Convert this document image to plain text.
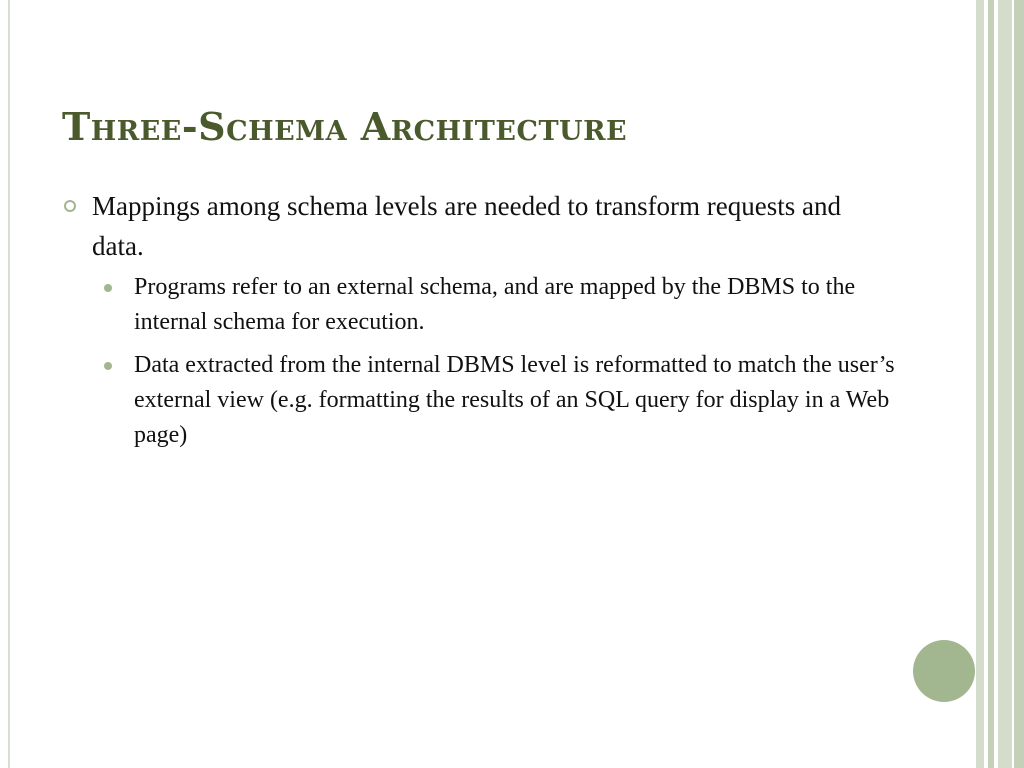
Three-Schema Architecture

Mappings among schema levels are needed to transform requests and data.

Programs refer to an external schema, and are mapped by the DBMS to the internal schema for execution.
Data extracted from the internal DBMS level is reformatted to match the user’s external view (e.g. formatting the results of an SQL query for display in a Web page)
